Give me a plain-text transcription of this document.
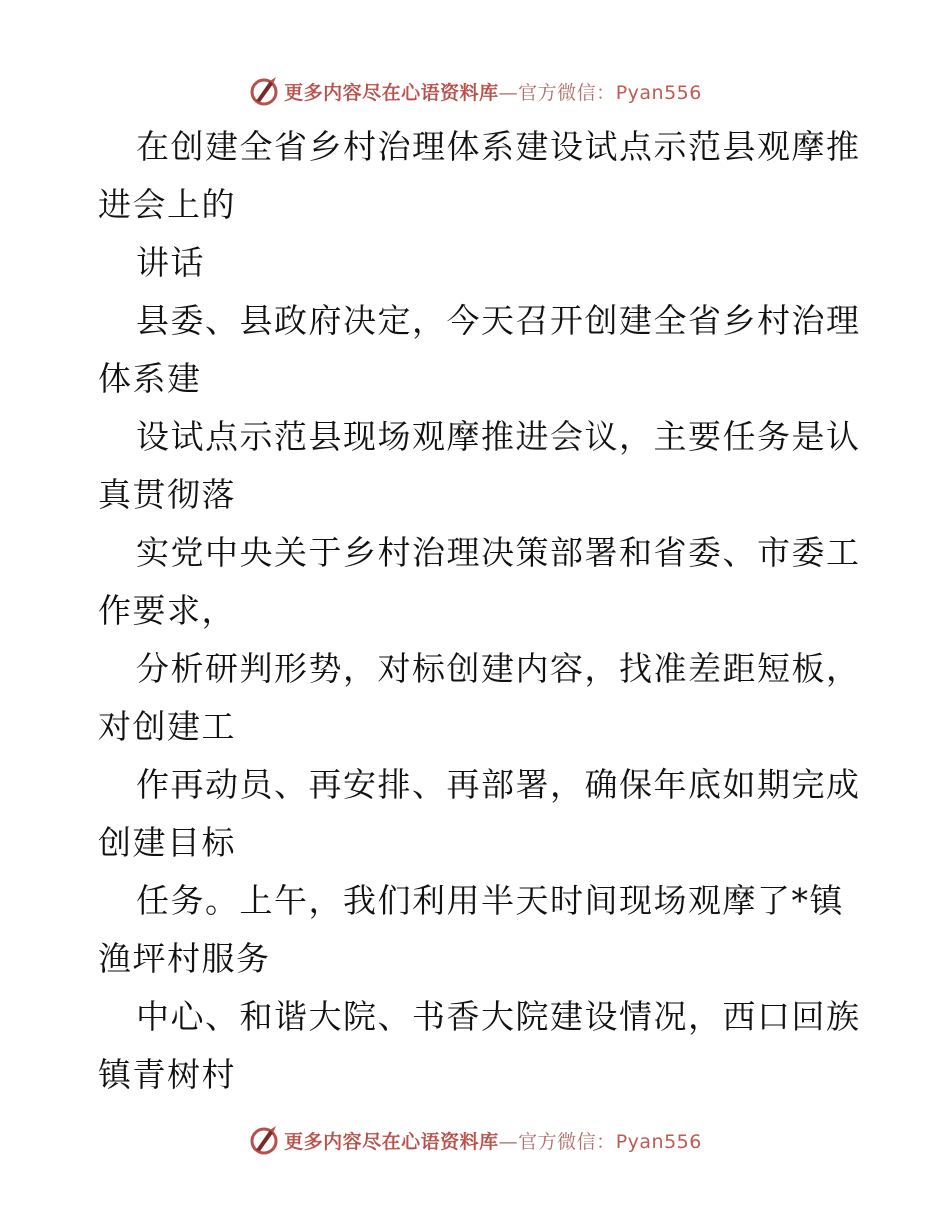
更多内容尽在心语资料库—官方微信：Pyan556
在创建全省乡村治理体系建设试点示范县观摩推
进会上的
讲话
县委、县政府决定，今天召开创建全省乡村治理
体系建
设试点示范县现场观摩推进会议，主要任务是认
真贯彻落
实党中央关于乡村治理决策部署和省委、市委工
作要求，
分析研判形势，对标创建内容，找准差距短板，
对创建工
作再动员、再安排、再部署，确保年底如期完成
创建目标
任务。上午，我们利用半天时间现场观摩了*镇
渔坪村服务
中心、和谐大院、书香大院建设情况，西口回族
镇青树村
更多内容尽在心语资料库—官方微信：Pyan556
